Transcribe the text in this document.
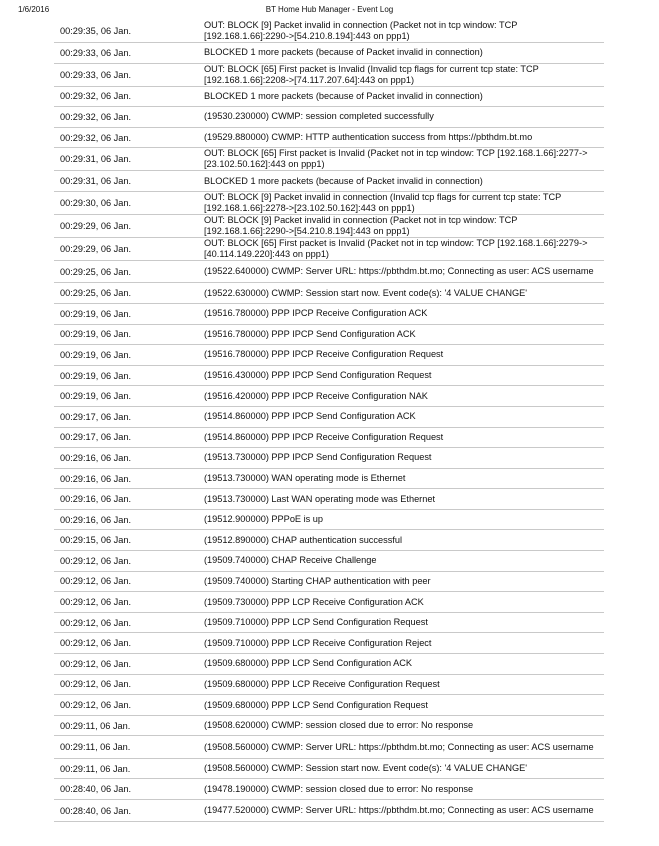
1/6/2016	BT Home Hub Manager - Event Log
00:29:35, 06 Jan.	OUT: BLOCK [9] Packet invalid in connection (Packet not in tcp window: TCP [192.168.1.66]:2290->[54.210.8.194]:443 on ppp1)
00:29:33, 06 Jan.	BLOCKED 1 more packets (because of Packet invalid in connection)
00:29:33, 06 Jan.	OUT: BLOCK [65] First packet is Invalid (Invalid tcp flags for current tcp state: TCP [192.168.1.66]:2208->[74.117.207.64]:443 on ppp1)
00:29:32, 06 Jan.	BLOCKED 1 more packets (because of Packet invalid in connection)
00:29:32, 06 Jan.	(19530.230000) CWMP: session completed successfully
00:29:32, 06 Jan.	(19529.880000) CWMP: HTTP authentication success from https://pbthdm.bt.mo
00:29:31, 06 Jan.	OUT: BLOCK [65] First packet is Invalid (Packet not in tcp window: TCP [192.168.1.66]:2277->[23.102.50.162]:443 on ppp1)
00:29:31, 06 Jan.	BLOCKED 1 more packets (because of Packet invalid in connection)
00:29:30, 06 Jan.	OUT: BLOCK [9] Packet invalid in connection (Invalid tcp flags for current tcp state: TCP [192.168.1.66]:2278->[23.102.50.162]:443 on ppp1)
00:29:29, 06 Jan.	OUT: BLOCK [9] Packet invalid in connection (Packet not in tcp window: TCP [192.168.1.66]:2290->[54.210.8.194]:443 on ppp1)
00:29:29, 06 Jan.	OUT: BLOCK [65] First packet is Invalid (Packet not in tcp window: TCP [192.168.1.66]:2279->[40.114.149.220]:443 on ppp1)
00:29:25, 06 Jan.	(19522.640000) CWMP: Server URL: https://pbthdm.bt.mo; Connecting as user: ACS username
00:29:25, 06 Jan.	(19522.630000) CWMP: Session start now. Event code(s): '4 VALUE CHANGE'
00:29:19, 06 Jan.	(19516.780000) PPP IPCP Receive Configuration ACK
00:29:19, 06 Jan.	(19516.780000) PPP IPCP Send Configuration ACK
00:29:19, 06 Jan.	(19516.780000) PPP IPCP Receive Configuration Request
00:29:19, 06 Jan.	(19516.430000) PPP IPCP Send Configuration Request
00:29:19, 06 Jan.	(19516.420000) PPP IPCP Receive Configuration NAK
00:29:17, 06 Jan.	(19514.860000) PPP IPCP Send Configuration ACK
00:29:17, 06 Jan.	(19514.860000) PPP IPCP Receive Configuration Request
00:29:16, 06 Jan.	(19513.730000) PPP IPCP Send Configuration Request
00:29:16, 06 Jan.	(19513.730000) WAN operating mode is Ethernet
00:29:16, 06 Jan.	(19513.730000) Last WAN operating mode was Ethernet
00:29:16, 06 Jan.	(19512.900000) PPPoE is up
00:29:15, 06 Jan.	(19512.890000) CHAP authentication successful
00:29:12, 06 Jan.	(19509.740000) CHAP Receive Challenge
00:29:12, 06 Jan.	(19509.740000) Starting CHAP authentication with peer
00:29:12, 06 Jan.	(19509.730000) PPP LCP Receive Configuration ACK
00:29:12, 06 Jan.	(19509.710000) PPP LCP Send Configuration Request
00:29:12, 06 Jan.	(19509.710000) PPP LCP Receive Configuration Reject
00:29:12, 06 Jan.	(19509.680000) PPP LCP Send Configuration ACK
00:29:12, 06 Jan.	(19509.680000) PPP LCP Receive Configuration Request
00:29:12, 06 Jan.	(19509.680000) PPP LCP Send Configuration Request
00:29:11, 06 Jan.	(19508.620000) CWMP: session closed due to error: No response
00:29:11, 06 Jan.	(19508.560000) CWMP: Server URL: https://pbthdm.bt.mo; Connecting as user: ACS username
00:29:11, 06 Jan.	(19508.560000) CWMP: Session start now. Event code(s): '4 VALUE CHANGE'
00:28:40, 06 Jan.	(19478.190000) CWMP: session closed due to error: No response
00:28:40, 06 Jan.	(19477.520000) CWMP: Server URL: https://pbthdm.bt.mo; Connecting as user: ACS username
